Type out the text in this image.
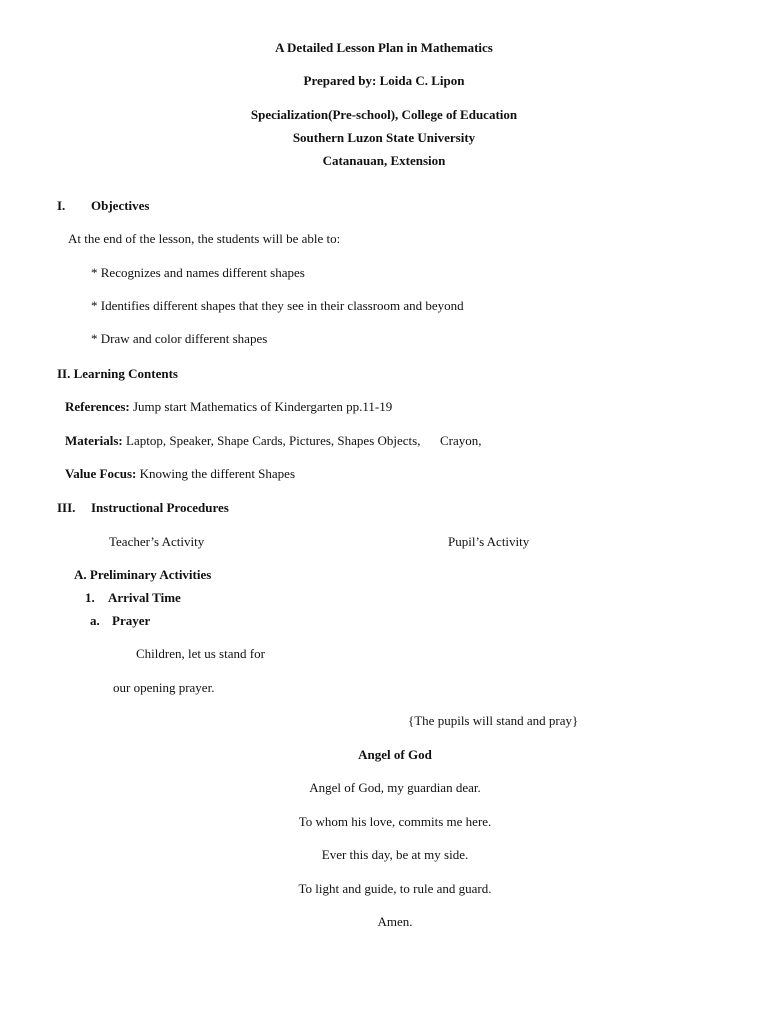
A Detailed Lesson Plan in Mathematics
Prepared by: Loida C. Lipon
Specialization(Pre-school), College of Education
Southern Luzon State University
Catanauan, Extension
I. Objectives
At the end of the lesson, the students will be able to:
* Recognizes and names different shapes
* Identifies different shapes that they see in their classroom and beyond
* Draw and color different shapes
II. Learning Contents
References: Jump start Mathematics of Kindergarten pp.11-19
Materials: Laptop, Speaker, Shape Cards, Pictures, Shapes Objects,      Crayon,
Value Focus: Knowing the different Shapes
III. Instructional Procedures
Teacher’s Activity	Pupil’s Activity
A. Preliminary Activities
1. Arrival Time
a. Prayer
Children, let us stand for
our opening prayer.
{The pupils will stand and pray}
Angel of God
Angel of God, my guardian dear.
To whom his love, commits me here.
Ever this day, be at my side.
To light and guide, to rule and guard.
Amen.
